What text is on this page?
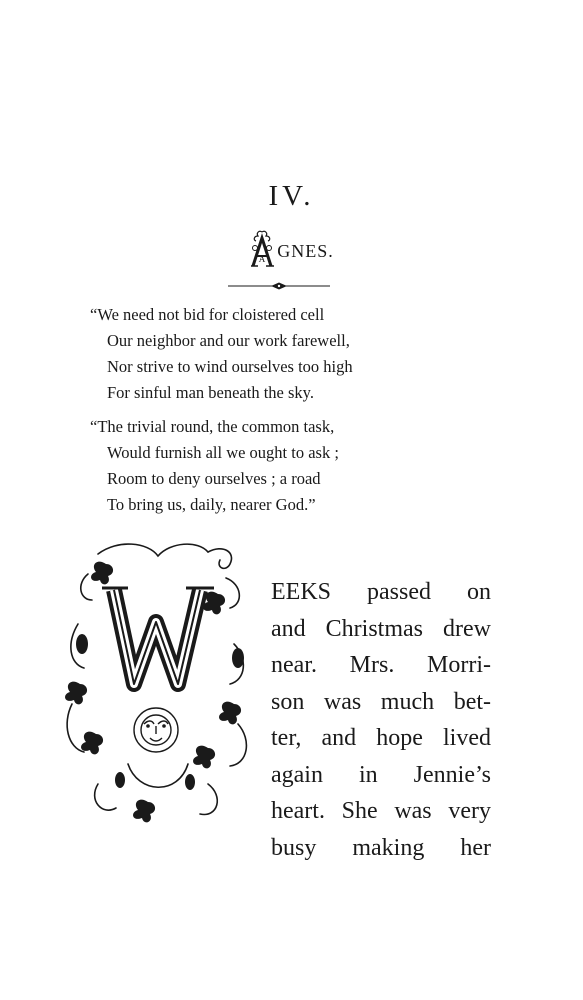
IV.
A GNES.
“We need not bid for cloistered cell
Our neighbor and our work farewell,
Nor strive to wind ourselves too high
For sinful man beneath the sky.
“The trivial round, the common task,
Would furnish all we ought to ask ;
Room to deny ourselves ; a road
To bring us, daily, nearer God.”
W
EEKS passed on
and Christmas drew
near. Mrs. Morri-
son was much bet-
ter, and hope lived
again in Jennie’s
heart. She was very
busy making her
